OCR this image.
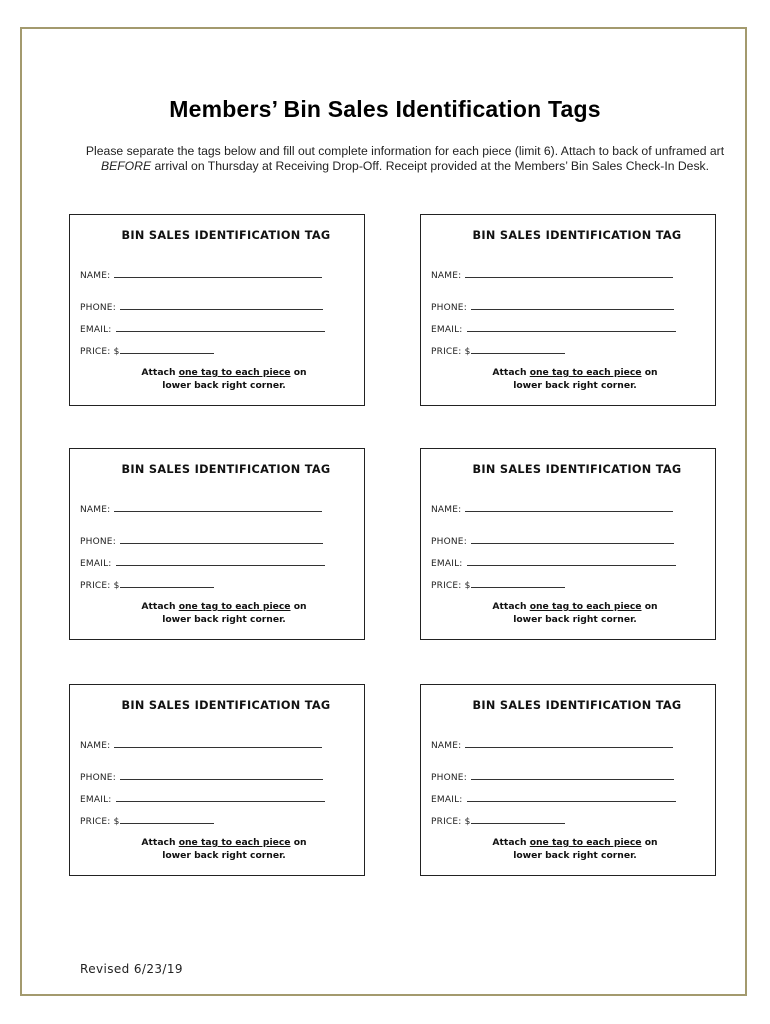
Members’ Bin Sales Identification Tags
Please separate the tags below and fill out complete information for each piece (limit 6). Attach to back of unframed art BEFORE arrival on Thursday at Receiving Drop-Off. Receipt provided at the Members’ Bin Sales Check-In Desk.
BIN SALES IDENTIFICATION TAG
NAME:
PHONE:
EMAIL:
PRICE: $
Attach one tag to each piece on
lower back right corner.
BIN SALES IDENTIFICATION TAG
NAME:
PHONE:
EMAIL:
PRICE: $
Attach one tag to each piece on
lower back right corner.
BIN SALES IDENTIFICATION TAG
NAME:
PHONE:
EMAIL:
PRICE: $
Attach one tag to each piece on
lower back right corner.
BIN SALES IDENTIFICATION TAG
NAME:
PHONE:
EMAIL:
PRICE: $
Attach one tag to each piece on
lower back right corner.
BIN SALES IDENTIFICATION TAG
NAME:
PHONE:
EMAIL:
PRICE: $
Attach one tag to each piece on
lower back right corner.
BIN SALES IDENTIFICATION TAG
NAME:
PHONE:
EMAIL:
PRICE: $
Attach one tag to each piece on
lower back right corner.
Revised 6/23/19
